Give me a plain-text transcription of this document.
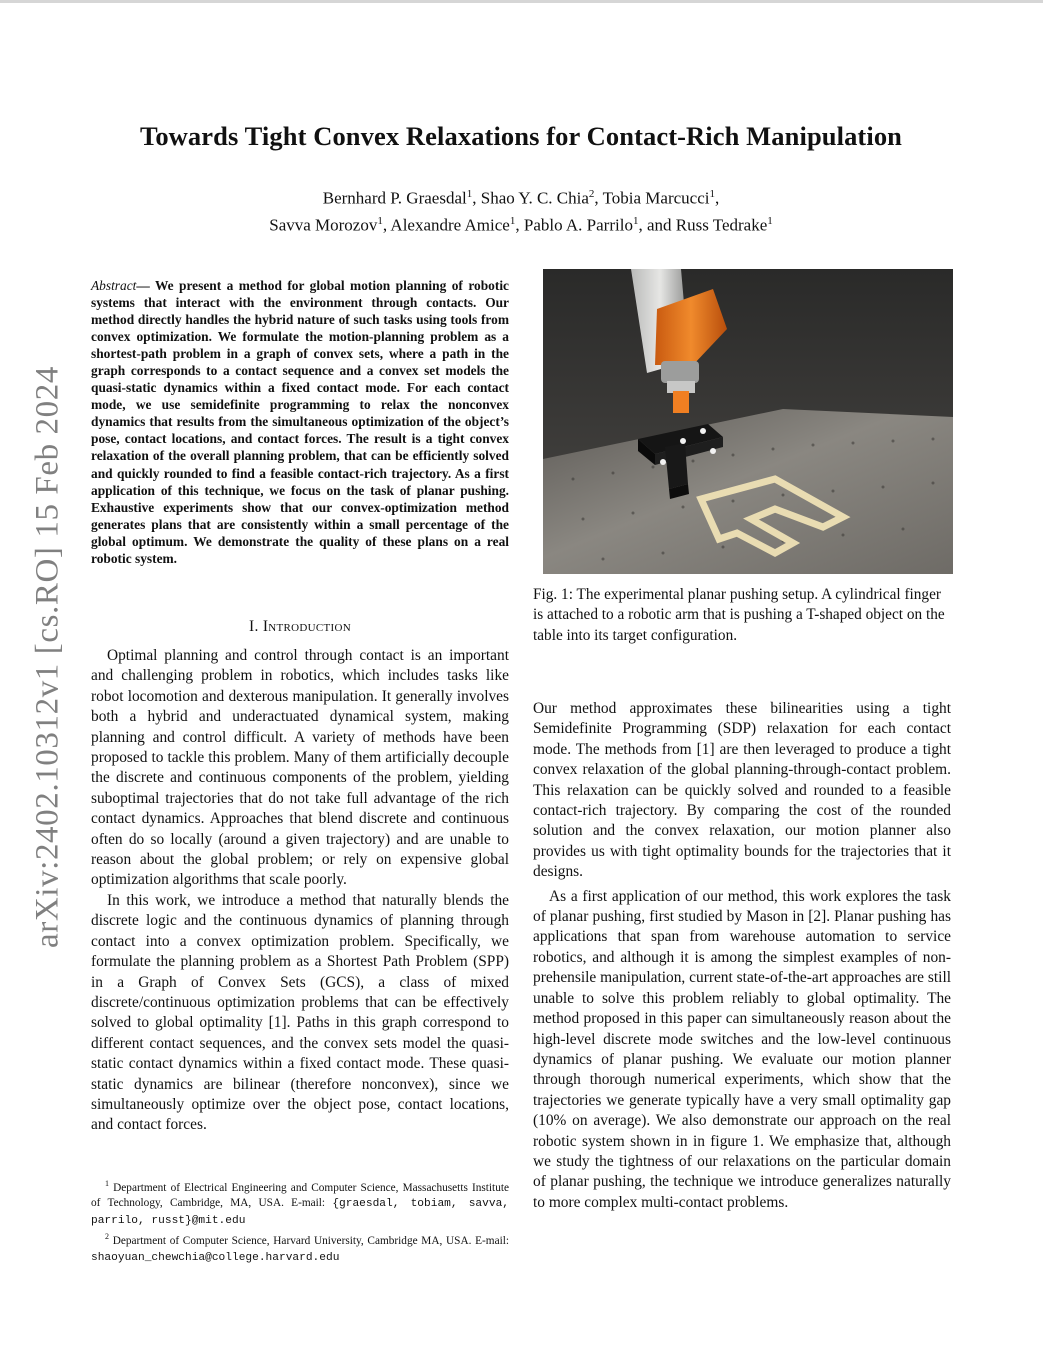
arXiv:2402.10312v1 [cs.RO] 15 Feb 2024
Towards Tight Convex Relaxations for Contact-Rich Manipulation
Bernhard P. Graesdal$^1$, Shao Y. C. Chia$^2$, Tobia Marcucci$^1$,
Savva Morozov$^1$, Alexandre Amice$^1$, Pablo A. Parrilo$^1$, and Russ Tedrake$^1$
Abstract— We present a method for global motion planning of robotic systems that interact with the environment through contacts. Our method directly handles the hybrid nature of such tasks using tools from convex optimization. We formulate the motion-planning problem as a shortest-path problem in a graph of convex sets, where a path in the graph corresponds to a contact sequence and a convex set models the quasi-static dynamics within a fixed contact mode. For each contact mode, we use semidefinite programming to relax the nonconvex dynamics that results from the simultaneous optimization of the object’s pose, contact locations, and contact forces. The result is a tight convex relaxation of the overall planning problem, that can be efficiently solved and quickly rounded to find a feasible contact-rich trajectory. As a first application of this technique, we focus on the task of planar pushing. Exhaustive experiments show that our convex-optimization method generates plans that are consistently within a small percentage of the global optimum. We demonstrate the quality of these plans on a real robotic system.
I. Introduction

Optimal planning and control through contact is an important and challenging problem in robotics, which includes tasks like robot locomotion and dexterous manipulation. It generally involves both a hybrid and underactuated dynamical system, making planning and control difficult. A variety of methods have been proposed to tackle this problem. Many of them artificially decouple the discrete and continuous components of the problem, yielding suboptimal trajectories that do not take full advantage of the rich contact dynamics. Approaches that blend discrete and continuous often do so locally (around a given trajectory) and are unable to reason about the global problem; or rely on expensive global optimization algorithms that scale poorly.

In this work, we introduce a method that naturally blends the discrete logic and the continuous dynamics of planning through contact into a convex optimization problem. Specifically, we formulate the planning problem as a Shortest Path Problem (SPP) in a Graph of Convex Sets (GCS), a class of mixed discrete/continuous optimization problems that can be effectively solved to global optimality [1]. Paths in this graph correspond to different contact sequences, and the convex sets model the quasi-static contact dynamics within a fixed contact mode. These quasi-static dynamics are bilinear (therefore nonconvex), since we simultaneously optimize over the object pose, contact locations, and contact forces.

Fig. 1: The experimental planar pushing setup. A cylindrical finger is attached to a robotic arm that is pushing a T-shaped object on the table into its target configuration.

Our method approximates these bilinearities using a tight Semidefinite Programming (SDP) relaxation for each contact mode. The methods from [1] are then leveraged to produce a tight convex relaxation of the global planning-through-contact problem. This relaxation can be quickly solved and rounded to a feasible contact-rich trajectory. By comparing the cost of the rounded solution and the convex relaxation, our motion planner also provides us with tight optimality bounds for the trajectories that it designs.

As a first application of our method, this work explores the task of planar pushing, first studied by Mason in [2]. Planar pushing has applications that span from warehouse automation to service robotics, and although it is among the simplest examples of non-prehensile manipulation, current state-of-the-art approaches are still unable to solve this problem reliably to global optimality. The method proposed in this paper can simultaneously reason about the high-level discrete mode switches and the low-level continuous dynamics of planar pushing. We evaluate our motion planner through thorough numerical experiments, which show that the trajectories we generate typically have a very small optimality gap (10% on average). We also demonstrate our approach on the real robotic system shown in in figure 1. We emphasize that, although we study the tightness of our relaxations on the particular domain of planar pushing, the technique we introduce generalizes naturally to more complex multi-contact problems.

$^1$ Department of Electrical Engineering and Computer Science, Massachusetts Institute of Technology, Cambridge, MA, USA. E-mail: {graesdal, tobiam, savva, parrilo, russt}@mit.edu

$^2$ Department of Computer Science, Harvard University, Cambridge MA, USA. E-mail: shaoyuan_chewchia@college.harvard.edu
